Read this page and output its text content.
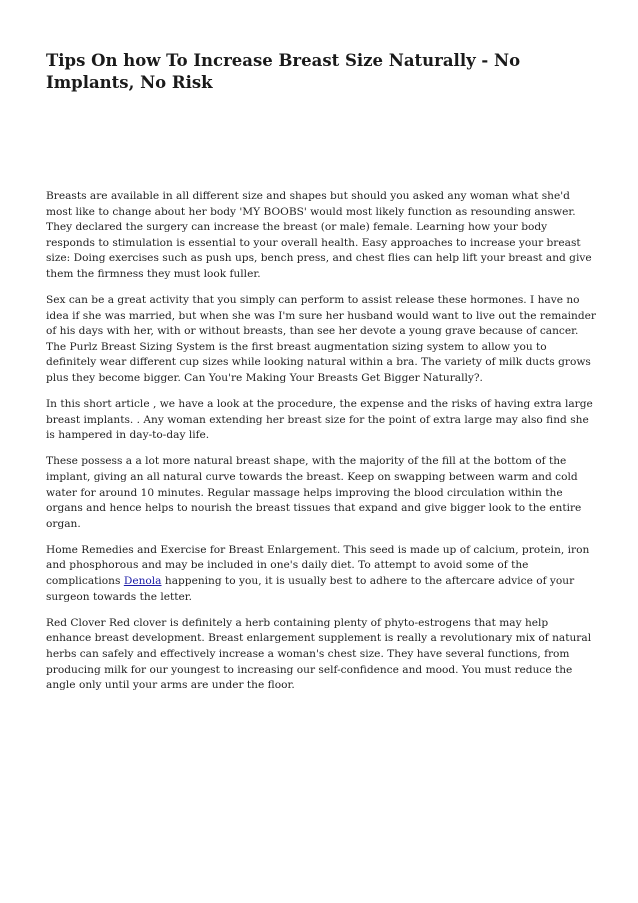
Tips On how To Increase Breast Size Naturally - No Implants, No Risk

Breasts are available in all different size and shapes but should you asked any woman what she'd most like to change about her body 'MY BOOBS' would most likely function as resounding answer. They declared the surgery can increase the breast (or male) female. Learning how your body responds to stimulation is essential to your overall health. Easy approaches to increase your breast size: Doing exercises such as push ups, bench press, and chest flies can help lift your breast and give them the firmness they must look fuller.

Sex can be a great activity that you simply can perform to assist release these hormones. I have no idea if she was married, but when she was I'm sure her husband would want to live out the remainder of his days with her, with or without breasts, than see her devote a young grave because of cancer. The Purlz Breast Sizing System is the first breast augmentation sizing system to allow you to definitely wear different cup sizes while looking natural within a bra. The variety of milk ducts grows plus they become bigger. Can You're Making Your Breasts Get Bigger Naturally?.

In this short article , we have a look at the procedure, the expense and the risks of having extra large breast implants. . Any woman extending her breast size for the point of extra large may also find she is hampered in day-to-day life.

These possess a a lot more natural breast shape, with the majority of the fill at the bottom of the implant, giving an all natural curve towards the breast. Keep on swapping between warm and cold water for around 10 minutes. Regular massage helps improving the blood circulation within the organs and hence helps to nourish the breast tissues that expand and give bigger look to the entire organ.

Home Remedies and Exercise for Breast Enlargement. This seed is made up of calcium, protein, iron and phosphorous and may be included in one's daily diet. To attempt to avoid some of the complications Denola happening to you, it is usually best to adhere to the aftercare advice of your surgeon towards the letter.

Red Clover Red clover is definitely a herb containing plenty of phyto-estrogens that may help enhance breast development. Breast enlargement supplement is really a revolutionary mix of natural herbs can safely and effectively increase a woman's chest size. They have several functions, from producing milk for our youngest to increasing our self-confidence and mood. You must reduce the angle only until your arms are under the floor.
